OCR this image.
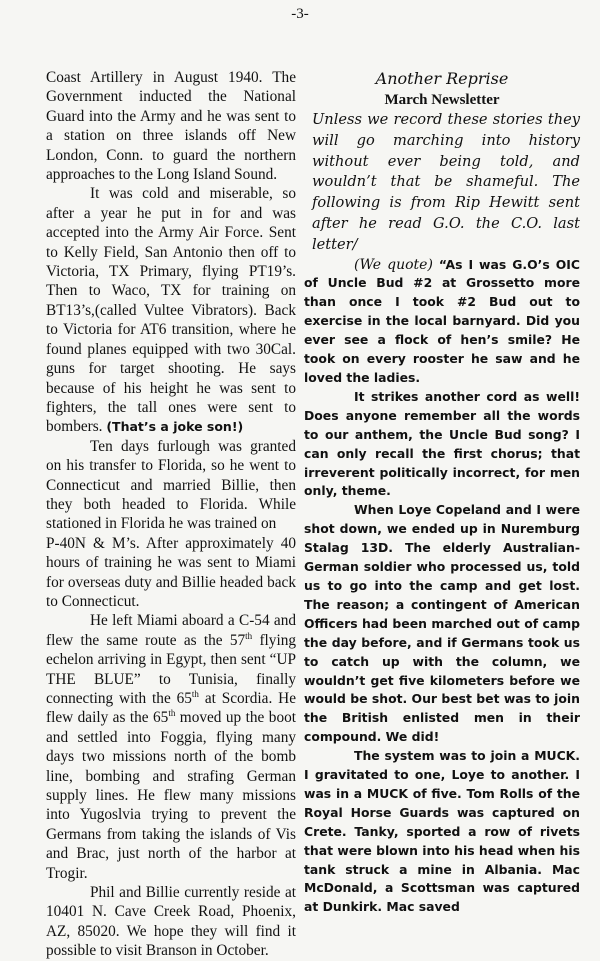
-3-

Coast Artillery in August 1940. The Government inducted the National Guard into the Army and he was sent to a station on three islands off New London, Conn. to guard the northern approaches to the Long Island Sound.

It was cold and miserable, so after a year he put in for and was accepted into the Army Air Force. Sent to Kelly Field, San Antonio then off to Victoria, TX Primary, flying PT19’s. Then to Waco, TX for training on BT13’s,(called Vultee Vibrators). Back to Victoria for AT6 transition, where he found planes equipped with two 30Cal. guns for target shooting. He says because of his height he was sent to fighters, the tall ones were sent to bombers. (That’s a joke son!)

Ten days furlough was granted on his transfer to Florida, so he went to Connecticut and married Billie, then they both headed to Florida. While stationed in Florida he was trained on

P-40N & M’s. After approximately 40 hours of training he was sent to Miami for overseas duty and Billie headed back to Connecticut.

He left Miami aboard a C-54 and flew the same route as the 57th flying echelon arriving in Egypt, then sent “UP THE BLUE” to Tunisia, finally connecting with the 65th at Scordia. He flew daily as the 65th moved up the boot and settled into Foggia, flying many days two missions north of the bomb line, bombing and strafing German supply lines. He flew many missions into Yugoslvia trying to prevent the Germans from taking the islands of Vis and Brac, just north of the harbor at Trogir.

Phil and Billie currently reside at 10401 N. Cave Creek Road, Phoenix, AZ, 85020. We hope they will find it possible to visit Branson in October.

Another Reprise

March Newsletter

Unless we record these stories they will go marching into history without ever being told, and wouldn’t that be shameful. The following is from Rip Hewitt sent after he read G.O. the C.O. last letter/

(We quote) “As I was G.O’s OIC of Uncle Bud #2 at Grossetto more than once I took #2 Bud out to exercise in the local barnyard. Did you ever see a flock of hen’s smile? He took on every rooster he saw and he loved the ladies.

It strikes another cord as well! Does anyone remember all the words to our anthem, the Uncle Bud song? I can only recall the first chorus; that irreverent politically incorrect, for men only, theme.

When Loye Copeland and I were shot down, we ended up in Nuremburg Stalag 13D. The elderly Australian-German soldier who processed us, told us to go into the camp and get lost. The reason; a contingent of American Officers had been marched out of camp the day before, and if Germans took us to catch up with the column, we wouldn’t get five kilometers before we would be shot. Our best bet was to join the British enlisted men in their compound. We did!

The system was to join a MUCK. I gravitated to one, Loye to another. I was in a MUCK of five. Tom Rolls of the Royal Horse Guards was captured on Crete. Tanky, sported a row of rivets that were blown into his head when his tank struck a mine in Albania. Mac McDonald, a Scottsman was captured at Dunkirk. Mac saved
